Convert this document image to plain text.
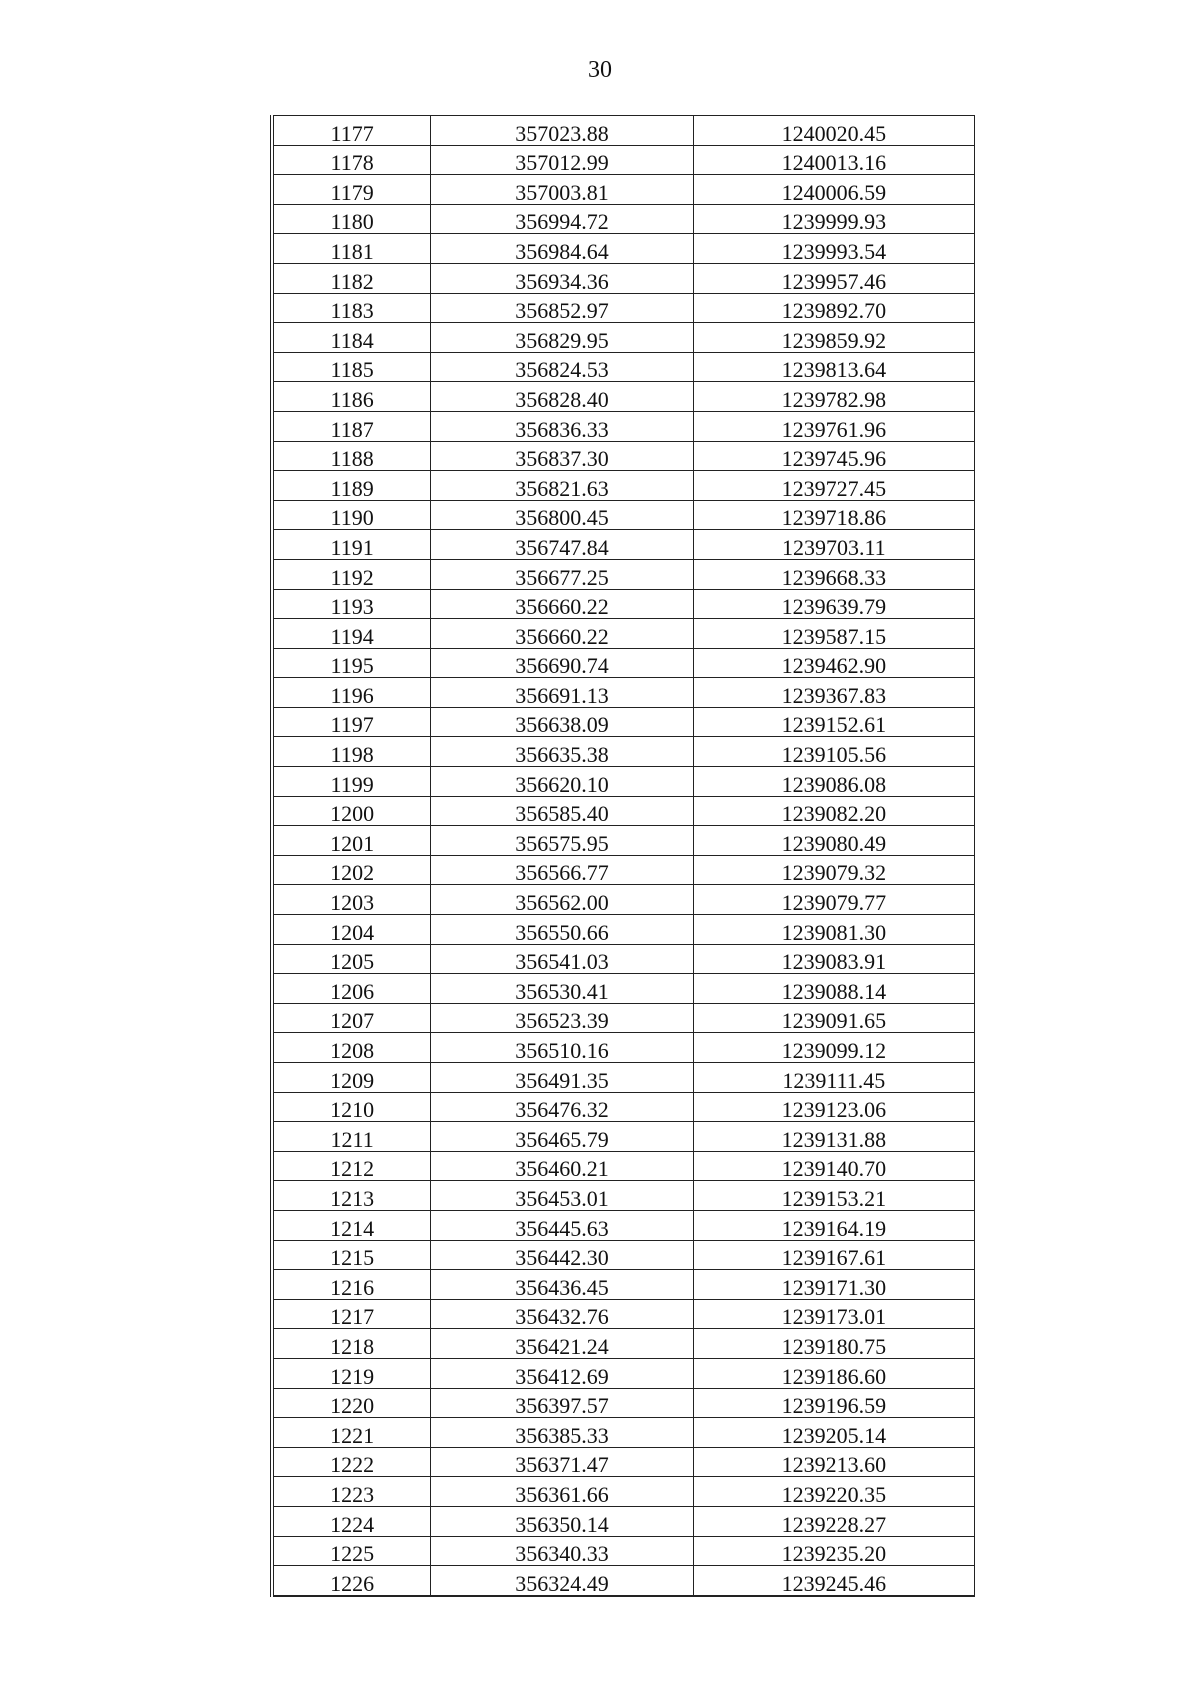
30
1177	357023.88	1240020.45
1178	357012.99	1240013.16
1179	357003.81	1240006.59
1180	356994.72	1239999.93
1181	356984.64	1239993.54
1182	356934.36	1239957.46
1183	356852.97	1239892.70
1184	356829.95	1239859.92
1185	356824.53	1239813.64
1186	356828.40	1239782.98
1187	356836.33	1239761.96
1188	356837.30	1239745.96
1189	356821.63	1239727.45
1190	356800.45	1239718.86
1191	356747.84	1239703.11
1192	356677.25	1239668.33
1193	356660.22	1239639.79
1194	356660.22	1239587.15
1195	356690.74	1239462.90
1196	356691.13	1239367.83
1197	356638.09	1239152.61
1198	356635.38	1239105.56
1199	356620.10	1239086.08
1200	356585.40	1239082.20
1201	356575.95	1239080.49
1202	356566.77	1239079.32
1203	356562.00	1239079.77
1204	356550.66	1239081.30
1205	356541.03	1239083.91
1206	356530.41	1239088.14
1207	356523.39	1239091.65
1208	356510.16	1239099.12
1209	356491.35	1239111.45
1210	356476.32	1239123.06
1211	356465.79	1239131.88
1212	356460.21	1239140.70
1213	356453.01	1239153.21
1214	356445.63	1239164.19
1215	356442.30	1239167.61
1216	356436.45	1239171.30
1217	356432.76	1239173.01
1218	356421.24	1239180.75
1219	356412.69	1239186.60
1220	356397.57	1239196.59
1221	356385.33	1239205.14
1222	356371.47	1239213.60
1223	356361.66	1239220.35
1224	356350.14	1239228.27
1225	356340.33	1239235.20
1226	356324.49	1239245.46
